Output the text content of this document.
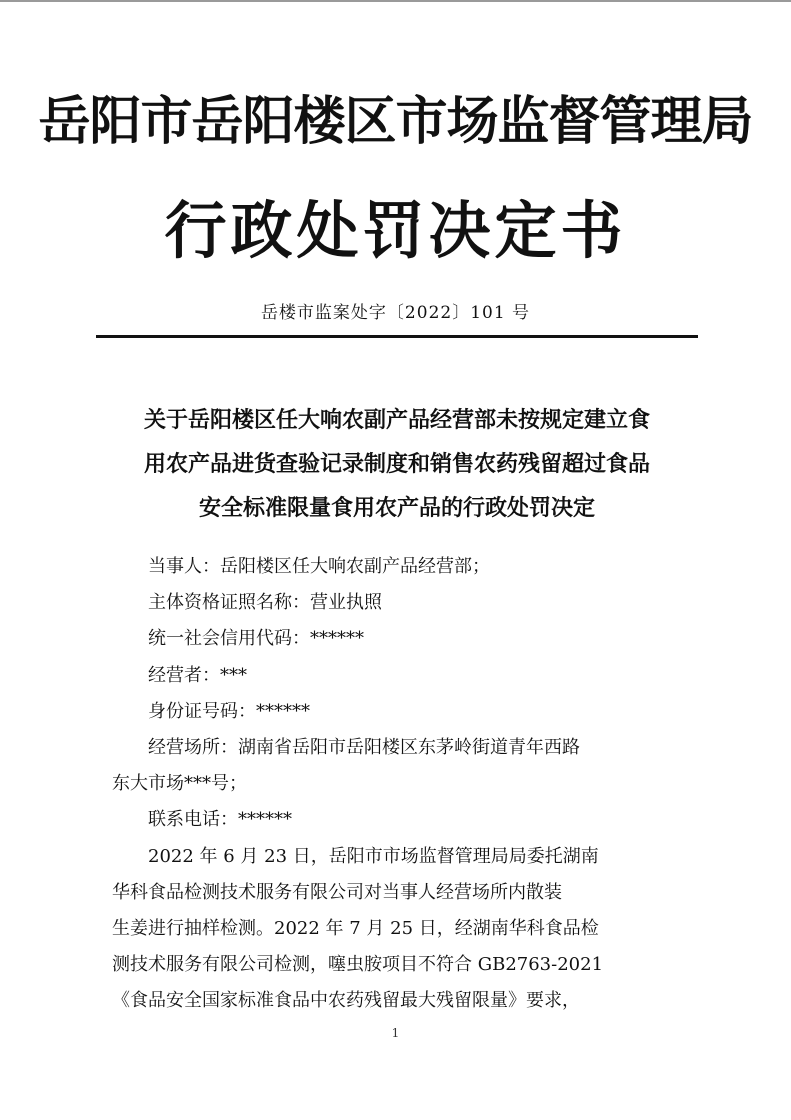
岳阳市岳阳楼区市场监督管理局
行政处罚决定书
岳楼市监案处字〔2022〕101 号
关于岳阳楼区任大响农副产品经营部未按规定建立食
用农产品进货查验记录制度和销售农药残留超过食品
安全标准限量食用农产品的行政处罚决定
当事人：岳阳楼区任大响农副产品经营部；
主体资格证照名称：营业执照
统一社会信用代码：******
经营者：***
身份证号码：******
经营场所：湖南省岳阳市岳阳楼区东茅岭街道青年西路
东大市场***号；
联系电话：******
2022 年 6 月 23 日，岳阳市市场监督管理局局委托湖南
华科食品检测技术服务有限公司对当事人经营场所内散装
生姜进行抽样检测。2022 年 7 月 25 日，经湖南华科食品检
测技术服务有限公司检测，噻虫胺项目不符合 GB2763-2021
《食品安全国家标准食品中农药残留最大残留限量》要求，
1
